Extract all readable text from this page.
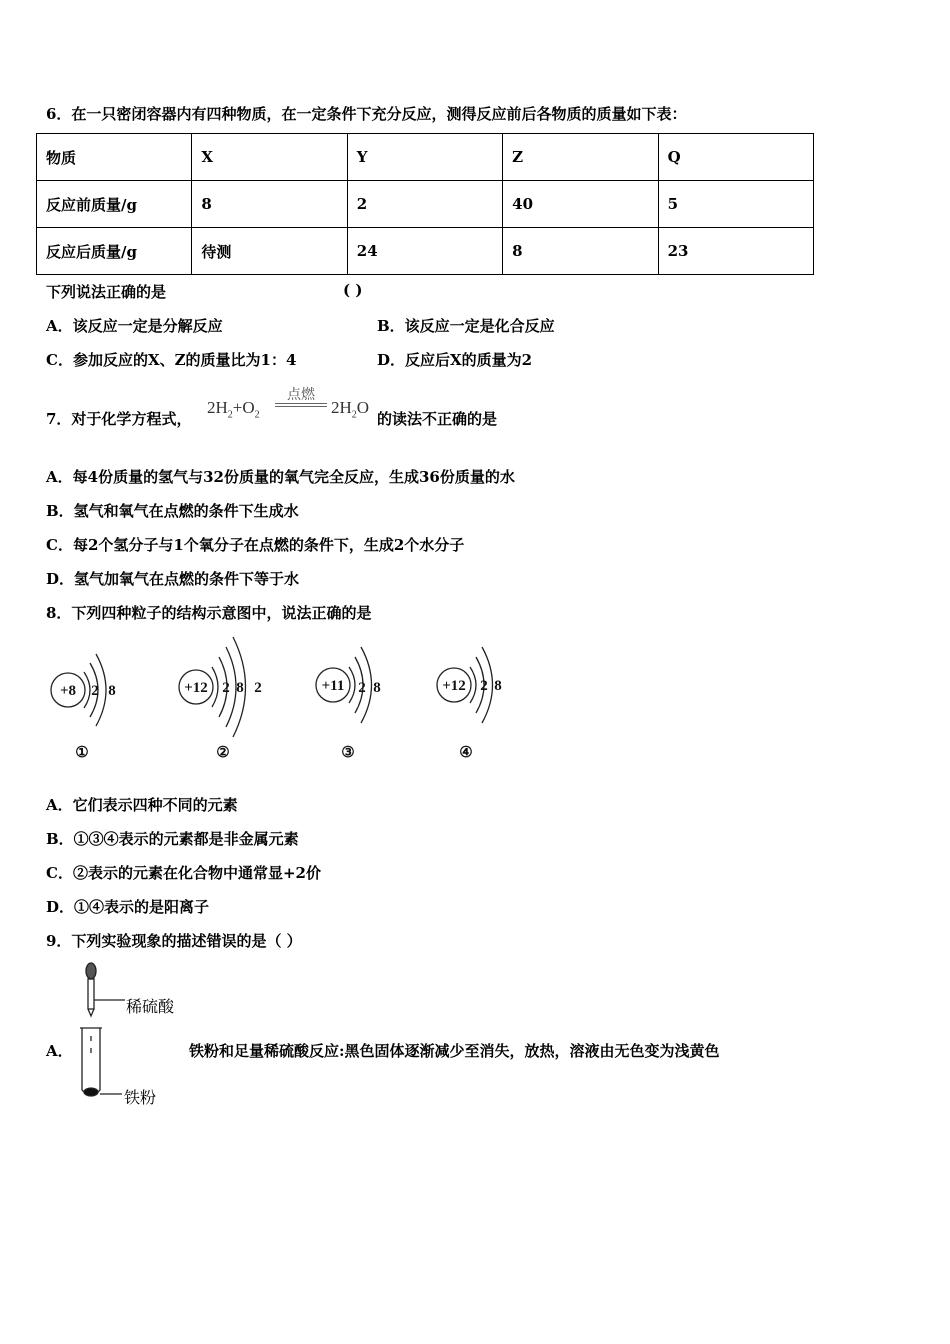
6．在一只密闭容器内有四种物质，在一定条件下充分反应，测得反应前后各物质的质量如下表：
物质	X	Y	Z	Q
反应前质量/g	8	2	40	5
反应后质量/g	待测	24	8	23
下列说法正确的是	( )
A．该反应一定是分解反应	B．该反应一定是化合反应
C．参加反应的X、Z的质量比为1：4	D．反应后X的质量为2
7．对于化学方程式，
$2H_2+O_2$
点燃
$2H_2O$
的读法不正确的是
A．每4份质量的氢气与32份质量的氧气完全反应，生成36份质量的水
B．氢气和氧气在点燃的条件下生成水
C．每2个氢分子与1个氧分子在点燃的条件下，生成2个水分子
D．氢气加氧气在点燃的条件下等于水
8．下列四种粒子的结构示意图中，说法正确的是
+8 2 8
①
+12 2 8 2
②
+11 2 8
③
+12 2 8
④
A．它们表示四种不同的元素
B．①③④表示的元素都是非金属元素
C．②表示的元素在化合物中通常显+2价
D．①④表示的是阳离子
9．下列实验现象的描述错误的是（ ）
稀硫酸
铁粉
A．	铁粉和足量稀硫酸反应:黑色固体逐渐减少至消失，放热，溶液由无色变为浅黄色
